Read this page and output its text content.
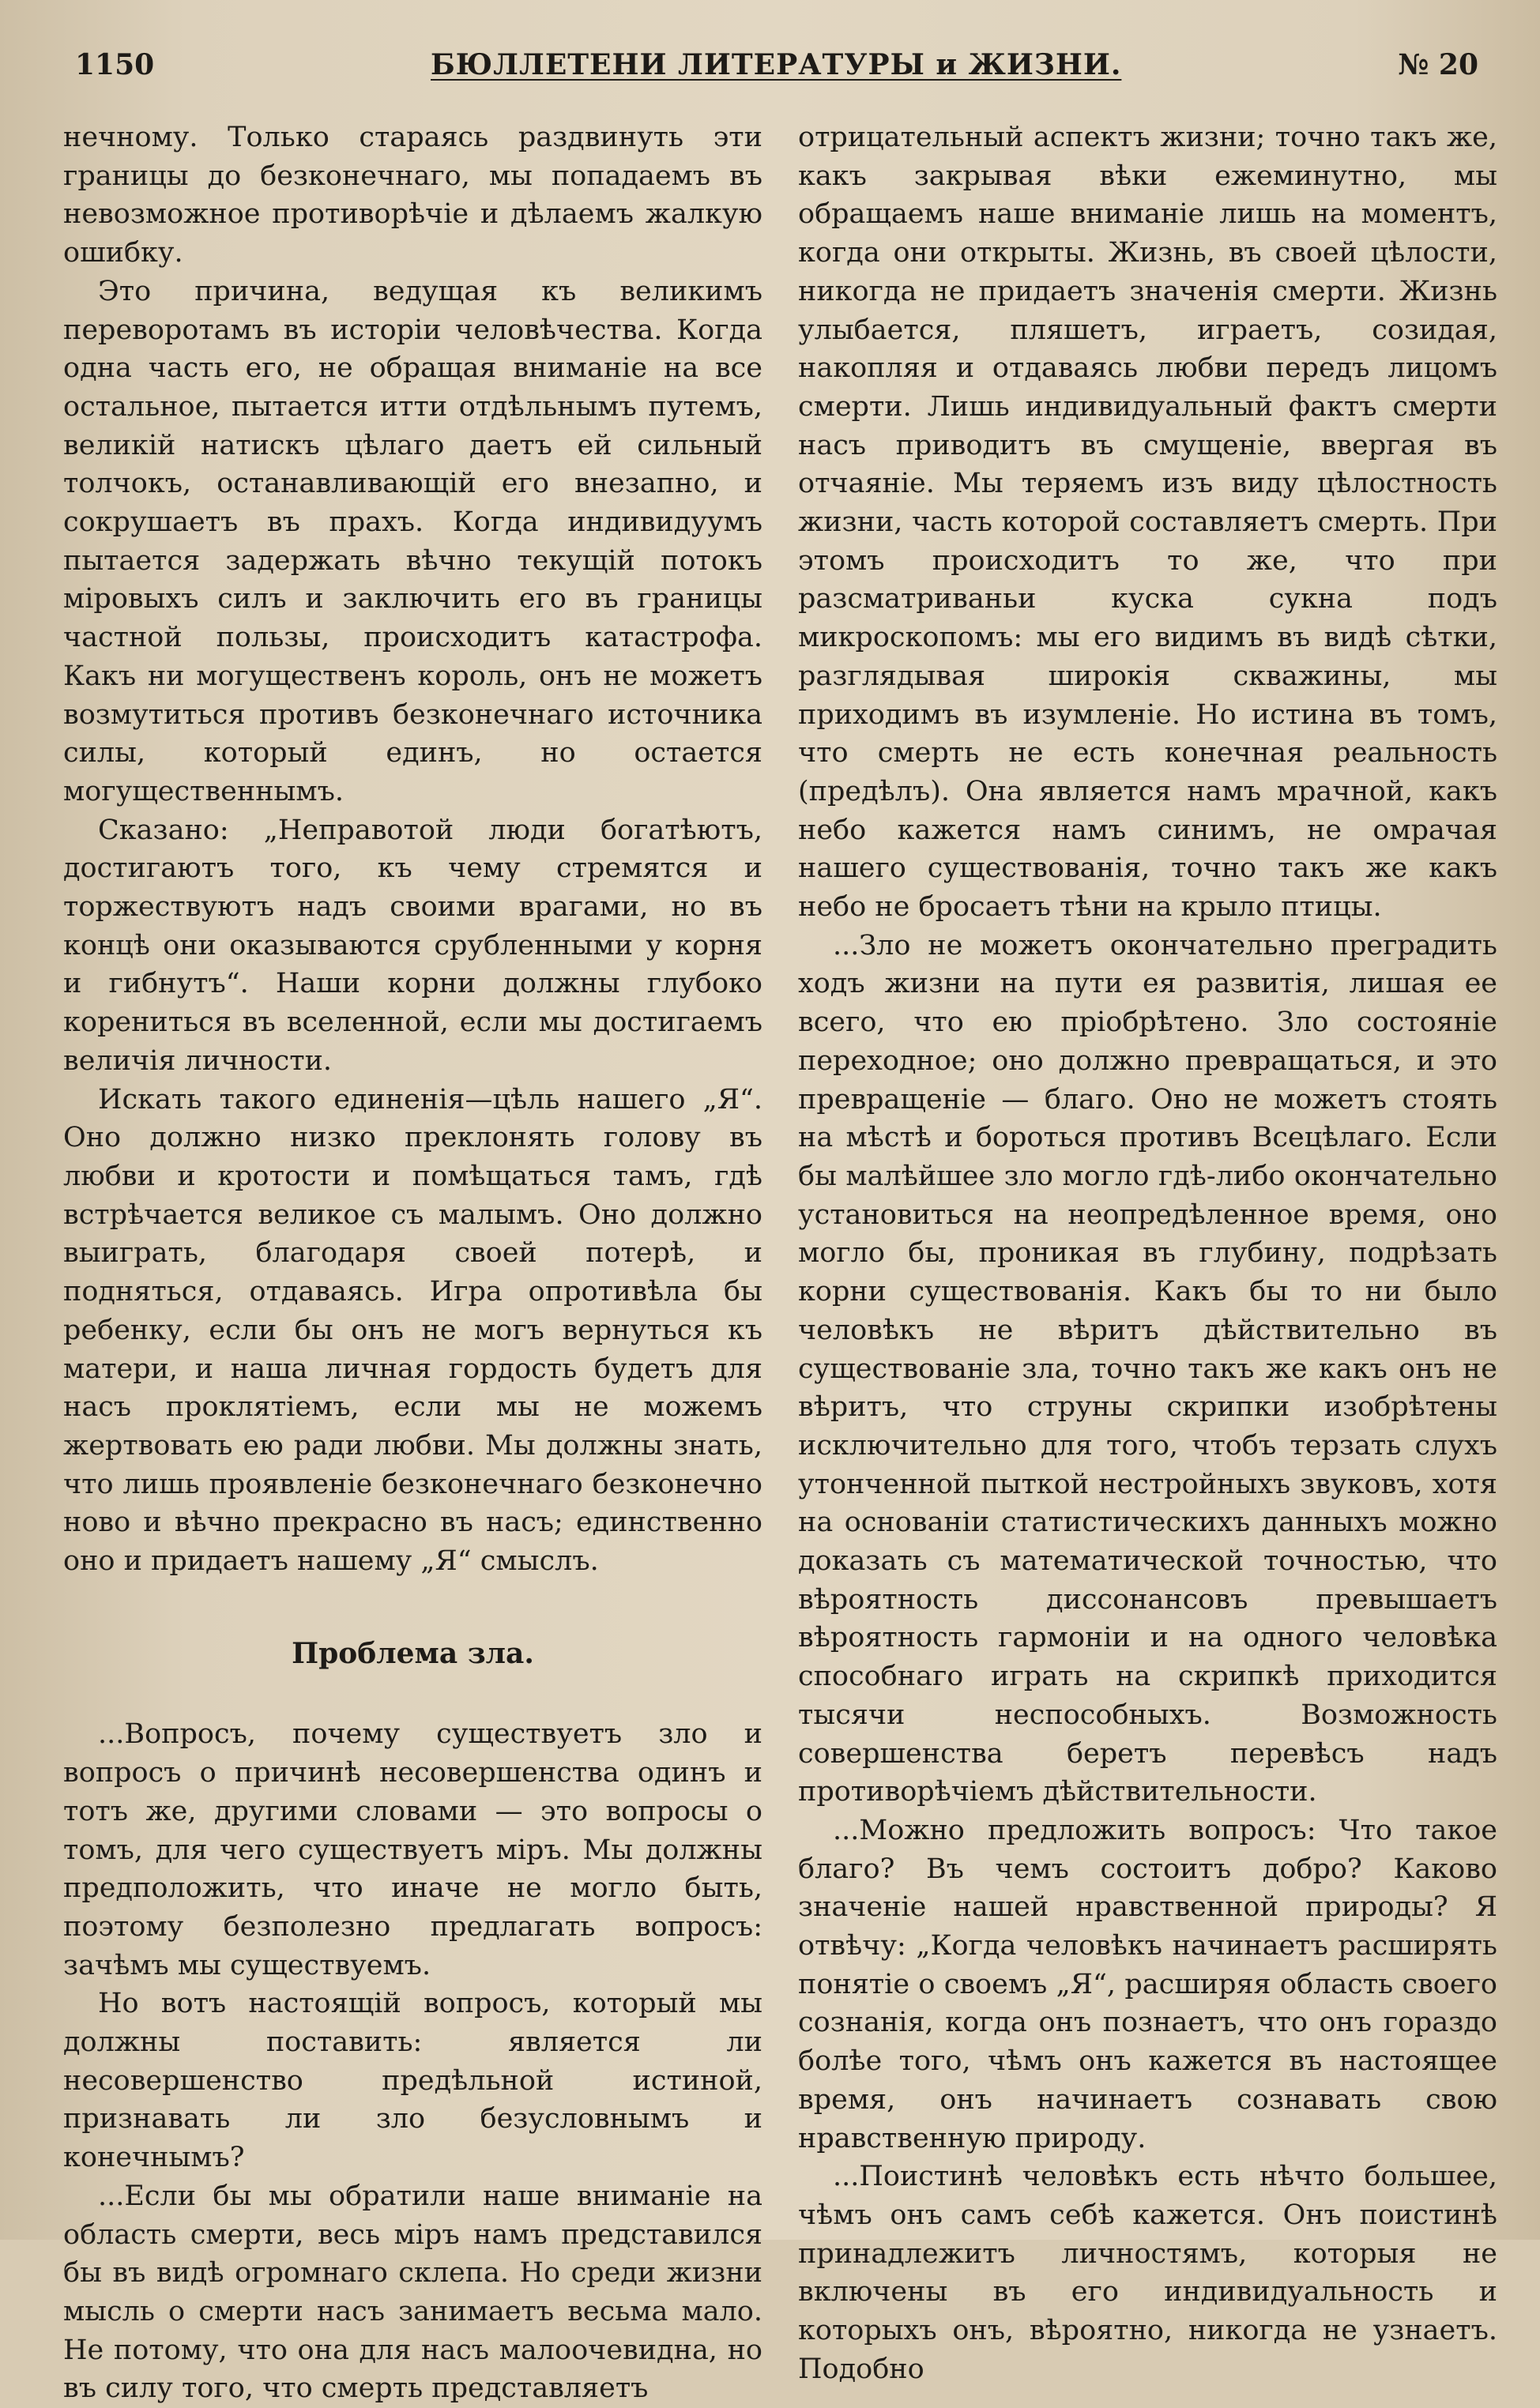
1150	БЮЛЛЕТЕНИ ЛИТЕРАТУРЫ и ЖИЗНИ.	№ 20

нечному. Только стараясь раздвинуть эти границы до безконечнаго, мы попадаемъ въ невозможное противорѣчіе и дѣлаемъ жалкую ошибку.

Это причина, ведущая къ великимъ переворотамъ въ исторіи человѣчества. Когда одна часть его, не обращая вниманіе на все остальное, пытается итти отдѣльнымъ путемъ, великій натискъ цѣлаго даетъ ей сильный толчокъ, останавливающій его внезапно, и сокрушаетъ въ прахъ. Когда индивидуумъ пытается задержать вѣчно текущій потокъ міровыхъ силъ и заключить его въ границы частной пользы, происходитъ катастрофа. Какъ ни могущественъ король, онъ не можетъ возмутиться противъ безконечнаго источника силы, который единъ, но остается могущественнымъ.

Сказано: „Неправотой люди богатѣютъ, достигаютъ того, къ чему стремятся и торжествуютъ надъ своими врагами, но въ концѣ они оказываются срубленными у корня и гибнутъ“. Наши корни должны глубоко корениться въ вселенной, если мы достигаемъ величія личности.

Искать такого единенія—цѣль нашего „Я“. Оно должно низко преклонять голову въ любви и кротости и помѣщаться тамъ, гдѣ встрѣчается великое съ малымъ. Оно должно выиграть, благодаря своей потерѣ, и подняться, отдаваясь. Игра опротивѣла бы ребенку, если бы онъ не могъ вернуться къ матери, и наша личная гордость будетъ для насъ проклятіемъ, если мы не можемъ жертвовать ею ради любви. Мы должны знать, что лишь проявленіе безконечнаго безконечно ново и вѣчно прекрасно въ насъ; единственно оно и придаетъ нашему „Я“ смыслъ.

Проблема зла.

...Вопросъ, почему существуетъ зло и вопросъ о причинѣ несовершенства одинъ и тотъ же, другими словами — это вопросы о томъ, для чего существуетъ міръ. Мы должны предположить, что иначе не могло быть, поэтому безполезно предлагать вопросъ: зачѣмъ мы существуемъ.

Но вотъ настоящій вопросъ, который мы должны поставить: является ли несовершенство предѣльной истиной, признавать ли зло безусловнымъ и конечнымъ?

...Если бы мы обратили наше вниманіе на область смерти, весь міръ намъ представился бы въ видѣ огромнаго склепа. Но среди жизни мысль о смерти насъ занимаетъ весьма мало. Не потому, что она для насъ малоочевидна, но въ силу того, что смерть представляетъ

отрицательный аспектъ жизни; точно такъ же, какъ закрывая вѣки ежеминутно, мы обращаемъ наше вниманіе лишь на моментъ, когда они открыты. Жизнь, въ своей цѣлости, никогда не придаетъ значенія смерти. Жизнь улыбается, пляшетъ, играетъ, созидая, накопляя и отдаваясь любви передъ лицомъ смерти. Лишь индивидуальный фактъ смерти насъ приводитъ въ смущеніе, ввергая въ отчаяніе. Мы теряемъ изъ виду цѣлостность жизни, часть которой составляетъ смерть. При этомъ происходитъ то же, что при разсматриваньи куска сукна подъ микроскопомъ: мы его видимъ въ видѣ сѣтки, разглядывая широкія скважины, мы приходимъ въ изумленіе. Но истина въ томъ, что смерть не есть конечная реальность (предѣлъ). Она является намъ мрачной, какъ небо кажется намъ синимъ, не омрачая нашего существованія, точно такъ же какъ небо не бросаетъ тѣни на крыло птицы.

...Зло не можетъ окончательно преградить ходъ жизни на пути ея развитія, лишая ее всего, что ею пріобрѣтено. Зло состояніе переходное; оно должно превращаться, и это превращеніе — благо. Оно не можетъ стоять на мѣстѣ и бороться противъ Всецѣлаго. Если бы малѣйшее зло могло гдѣ-либо окончательно установиться на неопредѣленное время, оно могло бы, проникая въ глубину, подрѣзать корни существованія. Какъ бы то ни было человѣкъ не вѣритъ дѣйствительно въ существованіе зла, точно такъ же какъ онъ не вѣритъ, что струны скрипки изобрѣтены исключительно для того, чтобъ терзать слухъ утонченной пыткой нестройныхъ звуковъ, хотя на основаніи статистическихъ данныхъ можно доказать съ математической точностью, что вѣроятность диссонансовъ превышаетъ вѣроятность гармоніи и на одного человѣка способнаго играть на скрипкѣ приходится тысячи неспособныхъ. Возможность совершенства беретъ перевѣсъ надъ противорѣчіемъ дѣйствительности.

...Можно предложить вопросъ: Что такое благо? Въ чемъ состоитъ добро? Каково значеніе нашей нравственной природы? Я отвѣчу: „Когда человѣкъ начинаетъ расширять понятіе о своемъ „Я“, расширяя область своего сознанія, когда онъ познаетъ, что онъ гораздо болѣе того, чѣмъ онъ кажется въ настоящее время, онъ начинаетъ сознавать свою нравственную природу.

...Поистинѣ человѣкъ есть нѣчто большее, чѣмъ онъ самъ себѣ кажется. Онъ поистинѣ принадлежитъ личностямъ, которыя не включены въ его индивидуальность и которыхъ онъ, вѣроятно, никогда не узнаетъ. Подобно
